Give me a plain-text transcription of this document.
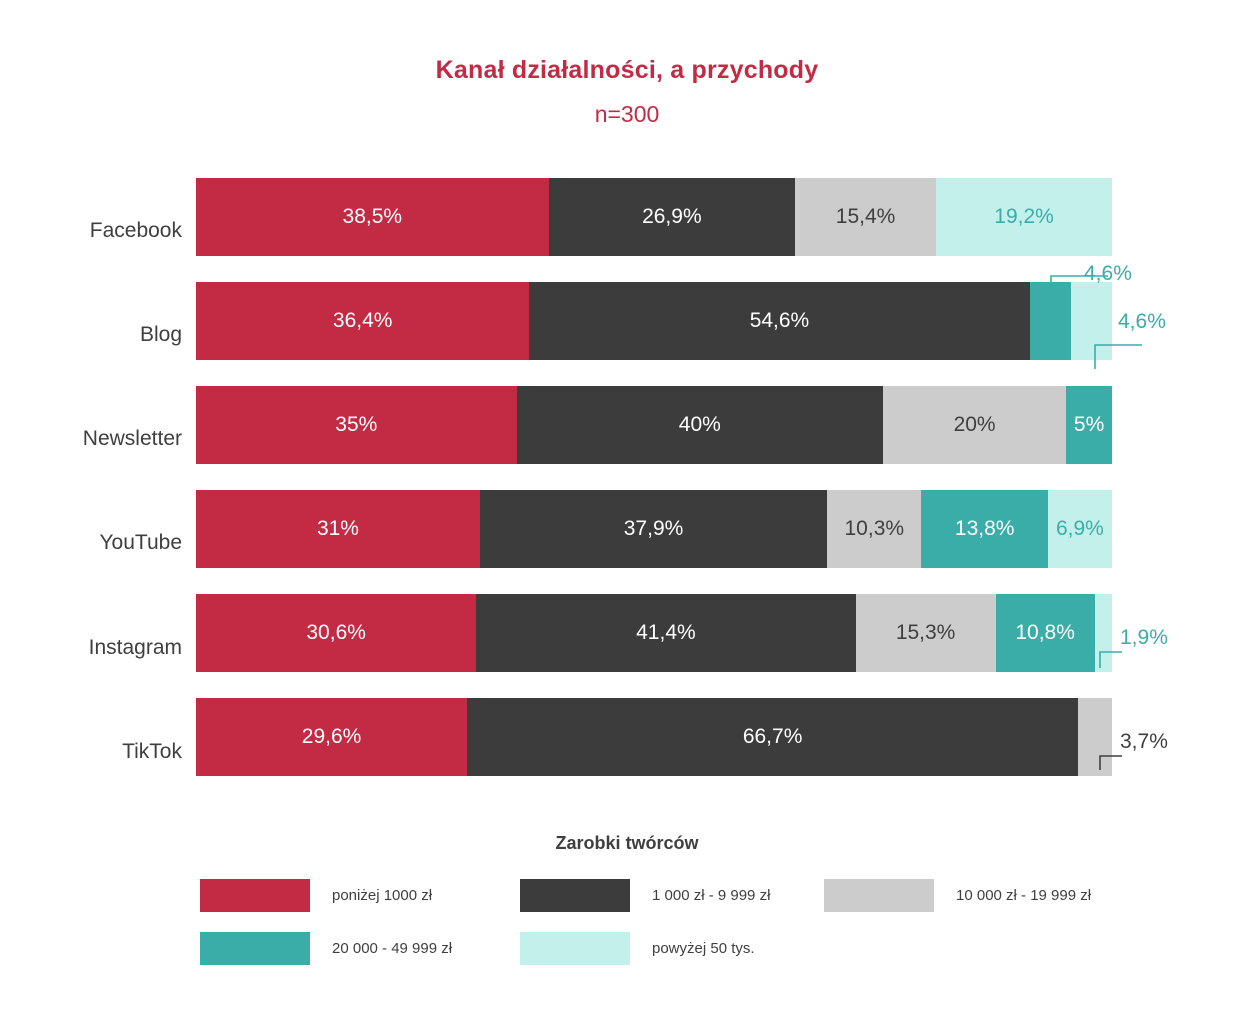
Kanał działalności, a przychody
n=300
Facebook
Blog
Newsletter
YouTube
Instagram
TikTok
38,5%	26,9%	15,4%	19,2%
36,4%	54,6%
35%	40%	20%	5%
31%	37,9%	10,3%	13,8%	6,9%
30,6%	41,4%	15,3%	10,8%
29,6%	66,7%
4,6%
4,6%
1,9%
3,7%
Zarobki twórców
poniżej 1000 zł	1 000 zł - 9 999 zł	10 000 zł - 19 999 zł
20 000 - 49 999 zł	powyżej 50 tys.
